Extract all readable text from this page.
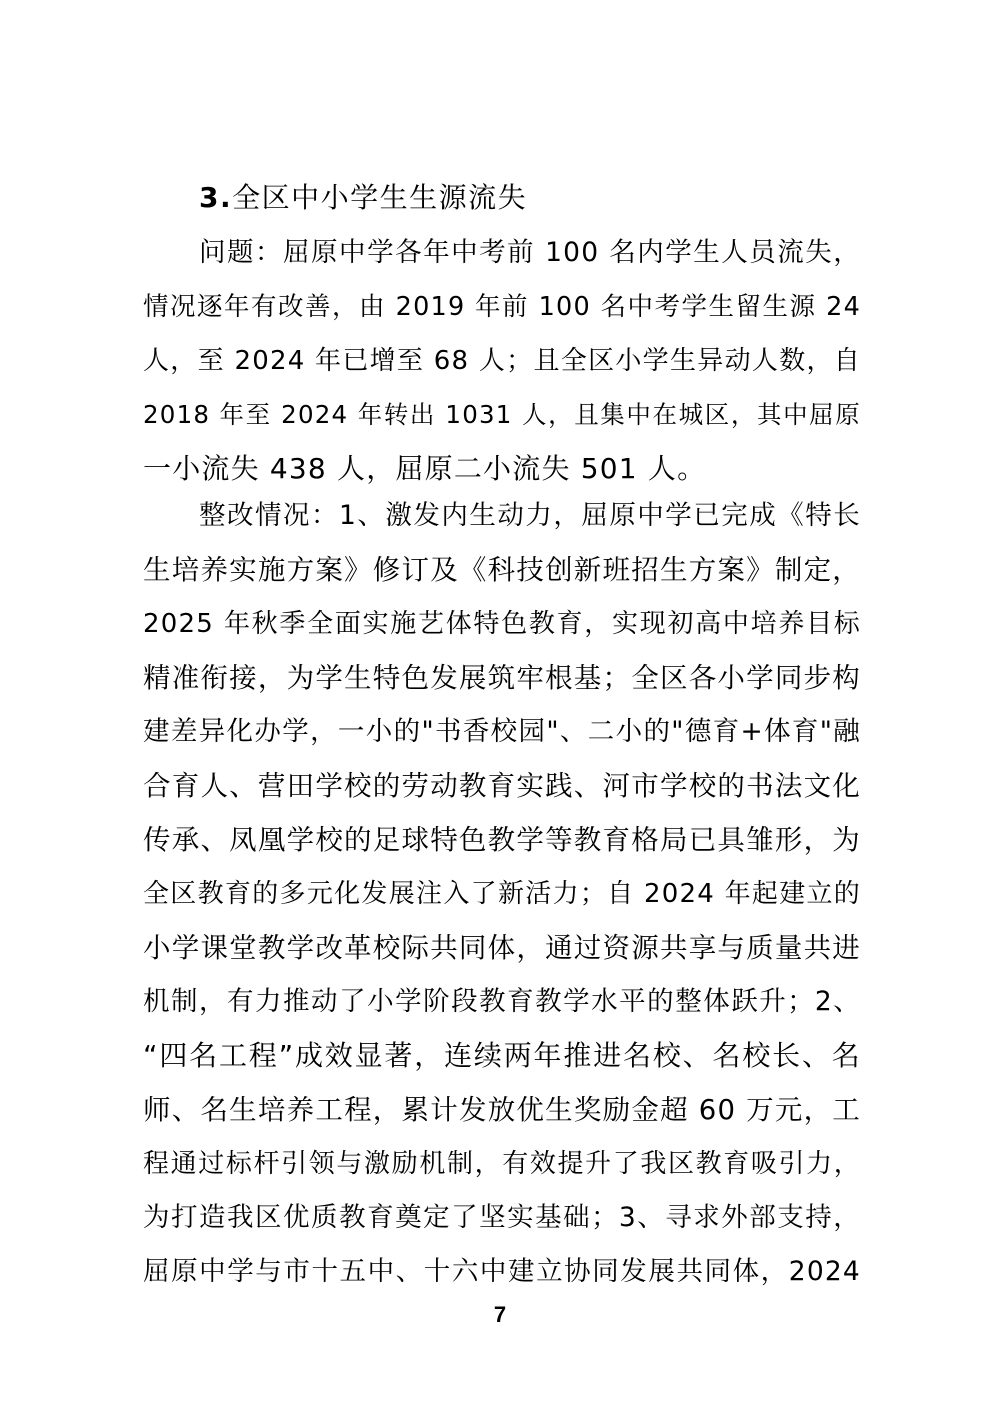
3.全区中小学生生源流失
问题：屈原中学各年中考前 100 名内学生人员流失，
情况逐年有改善，由 2019 年前 100 名中考学生留生源 24
人，至 2024 年已增至 68 人；且全区小学生异动人数，自
2018 年至 2024 年转出 1031 人，且集中在城区，其中屈原
一小流失 438 人，屈原二小流失 501 人。
整改情况：1、激发内生动力，屈原中学已完成《特长
生培养实施方案》修订及《科技创新班招生方案》制定，
2025 年秋季全面实施艺体特色教育，实现初高中培养目标
精准衔接，为学生特色发展筑牢根基；全区各小学同步构
建差异化办学，一小的"书香校园"、二小的"德育+体育"融
合育人、营田学校的劳动教育实践、河市学校的书法文化
传承、凤凰学校的足球特色教学等教育格局已具雏形，为
全区教育的多元化发展注入了新活力；自 2024 年起建立的
小学课堂教学改革校际共同体，通过资源共享与质量共进
机制，有力推动了小学阶段教育教学水平的整体跃升；2、
“四名工程”成效显著，连续两年推进名校、名校长、名
师、名生培养工程，累计发放优生奖励金超 60 万元，工
程通过标杆引领与激励机制，有效提升了我区教育吸引力，
为打造我区优质教育奠定了坚实基础；3、寻求外部支持，
屈原中学与市十五中、十六中建立协同发展共同体，2024
7
